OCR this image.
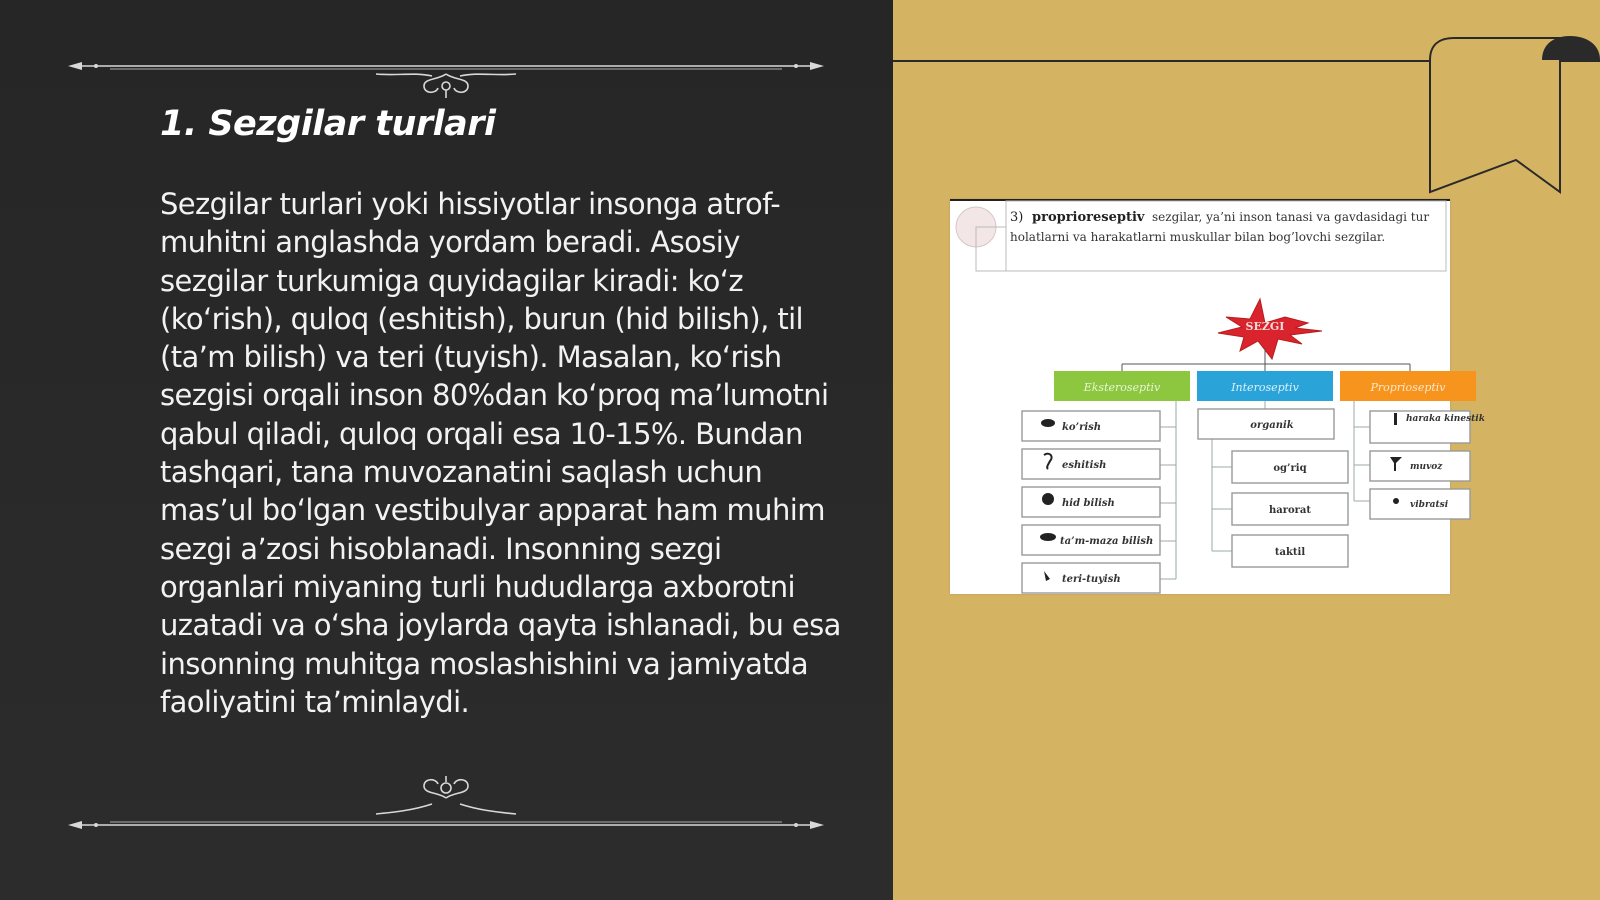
1. Sezgilar turlari

Sezgilar turlari yoki hissiyotlar insonga atrof-muhitni anglashda yordam beradi. Asosiy sezgilar turkumiga quyidagilar kiradi: ko‘z (ko‘rish), quloq (eshitish), burun (hid bilish), til (ta’m bilish) va teri (tuyish). Masalan, ko‘rish sezgisi orqali inson 80%dan ko‘proq ma’lumotni qabul qiladi, quloq orqali esa 10-15%. Bundan tashqari, tana muvozanatini saqlash uchun mas’ul bo‘lgan vestibulyar apparat ham muhim sezgi a’zosi hisoblanadi. Insonning sezgi organlari miyaning turli hududlarga axborotni uzatadi va o‘sha joylarda qayta ishlanadi, bu esa insonning muhitga moslashishini va jamiyatda faoliyatini ta’minlaydi.

3) proprioreseptiv sezgilar, ya’ni inson tanasi va gavdasidagi tur
holatlarni va harakatlarni muskullar bilan bog’lovchi sezgilar.
SEZGI
Eksteroseptiv	Interoseptiv	Proprioseptiv
ko’rish
eshitish
hid bilish
ta’m-mazа bilish
teri-tuyish
organik
og’riq
harorat
taktil
haraka kinestik
muvoz
vibratsi
